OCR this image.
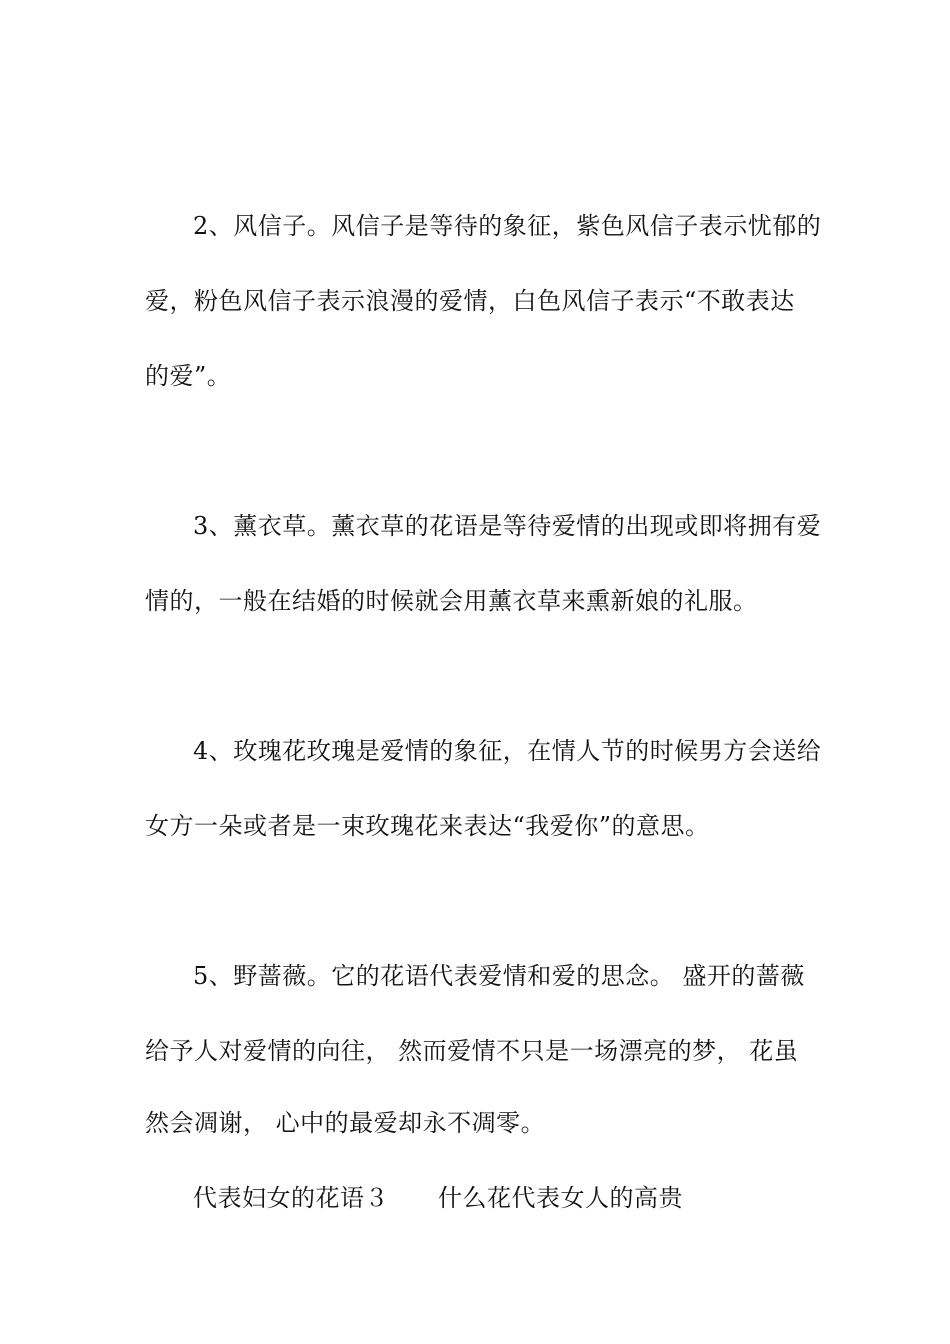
2、风信子。风信子是等待的象征，紫色风信子表示忧郁的
爱，粉色风信子表示浪漫的爱情，白色风信子表示“不敢表达
的爱”。
3、薰衣草。薰衣草的花语是等待爱情的出现或即将拥有爱
情的，一般在结婚的时候就会用薰衣草来熏新娘的礼服。
4、玫瑰花玫瑰是爱情的象征，在情人节的时候男方会送给
女方一朵或者是一束玫瑰花来表达“我爱你”的意思。
5、野蔷薇。它的花语代表爱情和爱的思念。 盛开的蔷薇
给予人对爱情的向往， 然而爱情不只是一场漂亮的梦， 花虽
然会凋谢， 心中的最爱却永不凋零。
代表妇女的花语３　　什么花代表女人的高贵
